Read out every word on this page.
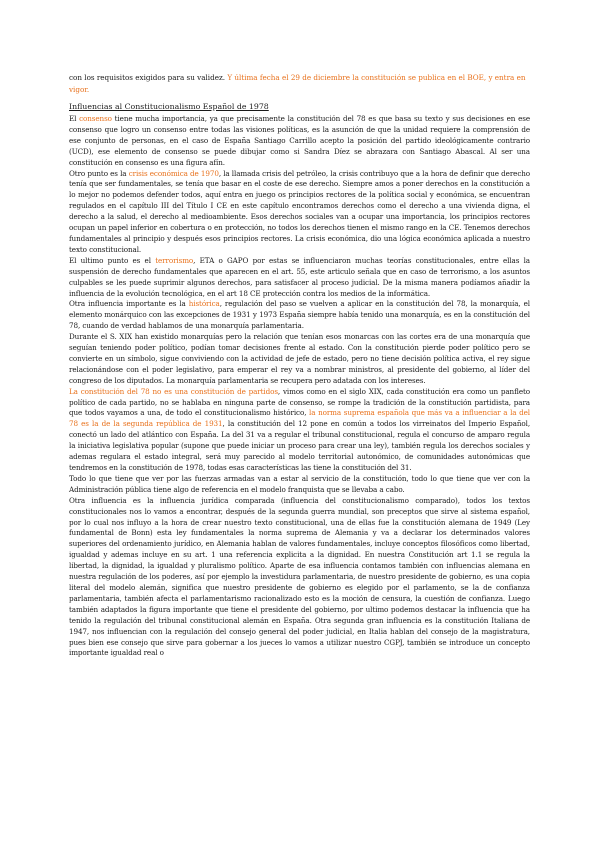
con los requisitos exigidos para su validez. Y última fecha el 29 de diciembre la constitución se publica en el BOE, y entra en vigor.

Influencias al Constitucionalismo Español de 1978

El consenso tiene mucha importancia, ya que precisamente la constitución del 78 es que basa su texto y sus decisiones en ese consenso que logro un consenso entre todas las visiones políticas, es la asunción de que la unidad requiere la comprensión de ese conjunto de personas, en el caso de España Santiago Carrillo acepto la posición del partido ideológicamente contrario (UCD), ese elemento de consenso se puede dibujar como si Sandra Díez se abrazara con Santiago Abascal. Al ser una constitución en consenso es una figura afín.

Otro punto es la crisis económica de 1970, la llamada crisis del petróleo, la crisis contribuyo que a la hora de definir que derecho tenía que ser fundamentales, se tenía que basar en el coste de ese derecho. Siempre amos a poner derechos en la constitución a lo mejor no podemos defender todos, aquí entra en juego os principios rectores de la política social y económica, se encuentran regulados en el capítulo III del Título I CE en este capítulo encontramos derechos como el derecho a una vivienda digna, el derecho a la salud, el derecho al medioambiente. Esos derechos sociales van a ocupar una importancia, los principios rectores ocupan un papel inferior en cobertura o en protección, no todos los derechos tienen el mismo rango en la CE. Tenemos derechos fundamentales al principio y después esos principios rectores. La crisis económica, dio una lógica económica aplicada a nuestro texto constitucional.

El ultimo punto es el terrorismo, ETA o GAPO por estas se influenciaron muchas teorías constitucionales, entre ellas la suspensión de derecho fundamentales que aparecen en el art. 55, este articulo señala que en caso de terrorismo, a los asuntos culpables se les puede suprimir algunos derechos, para satisfacer al proceso judicial. De la misma manera podíamos añadir la influencia de la evolución tecnológica, en el art 18 CE protección contra los medios de la informática.

Otra influencia importante es la histórica, regulación del paso se vuelven a aplicar en la constitución del 78, la monarquía, el elemento monárquico con las excepciones de 1931 y 1973 España siempre había tenido una monarquía, es en la constitución del 78, cuando de verdad hablamos de una monarquía parlamentaria.

Durante el S. XIX han existido monarquías pero la relación que tenían esos monarcas con las cortes era de una monarquía que seguían teniendo poder político, podían tomar decisiones frente al estado. Con la constitución pierde poder político pero se convierte en un símbolo, sigue conviviendo con la actividad de jefe de estado, pero no tiene decisión política activa, el rey sigue relacionándose con el poder legislativo, para emperar el rey va a nombrar ministros, al presidente del gobierno, al líder del congreso de los diputados. La monarquía parlamentaria se recupera pero adatada con los intereses.

La constitución del 78 no es una constitución de partidos, vimos como en el siglo XIX, cada constitución era como un panfleto político de cada partido, no se hablaba en ninguna parte de consenso, se rompe la tradición de la constitución partidista, para que todos vayamos a una, de todo el constitucionalismo histórico, la norma suprema española que más va a influenciar a la del 78 es la de la segunda república de 1931, la constitución del 12 pone en común a todos los virreinatos del Imperio Español, conectó un lado del atlántico con España. La del 31 va a regular el tribunal constitucional, regula el concurso de amparo regula la iniciativa legislativa popular (supone que puede iniciar un proceso para crear una ley), también regula los derechos sociales y ademas regulara el estado integral, será muy parecido al modelo territorial autonómico, de comunidades autonómicas que tendremos en la constitución de 1978, todas esas características las tiene la constitución del 31.

Todo lo que tiene que ver por las fuerzas armadas van a estar al servicio de la constitución, todo lo que tiene que ver con la Administración pública tiene algo de referencia en el modelo franquista que se llevaba a cabo.

Otra influencia es la influencia jurídica comparada (influencia del constitucionalismo comparado), todos los textos constitucionales nos lo vamos a encontrar, después de la segunda guerra mundial, son preceptos que sirve al sistema español, por lo cual nos influyo a la hora de crear nuestro texto constitucional, una de ellas fue la constitución alemana de 1949 (Ley fundamental de Bonn) esta ley fundamentales la norma suprema de Alemania y va a declarar los determinados valores superiores del ordenamiento jurídico, en Alemania hablan de valores fundamentales, incluye conceptos filosóficos como libertad, igualdad y ademas incluye en su art. 1 una referencia explicita a la dignidad. En nuestra Constitución art 1.1 se regula la libertad, la dignidad, la igualdad y pluralismo político. Aparte de esa influencia contamos también con influencias alemana en nuestra regulación de los poderes, así por ejemplo la investidura parlamentaria, de nuestro presidente de gobierno, es una copia literal del modelo alemán, significa que nuestro presidente de gobierno es elegido por el parlamento, se la de confianza parlamentaria, también afecta el parlamentarismo racionalizado esto es la moción de censura, la cuestión de confianza. Luego también adaptados la figura importante que tiene el presidente del gobierno, por ultimo podemos destacar la influencia que ha tenido la regulación del tribunal constitucional alemán en España. Otra segunda gran influencia es la constitución Italiana de 1947, nos influencian con la regulación del consejo general del poder judicial, en Italia hablan del consejo de la magistratura, pues bien ese consejo que sirve para gobernar a los jueces lo vamos a utilizar nuestro CGPJ, también se introduce un concepto importante igualdad real o
